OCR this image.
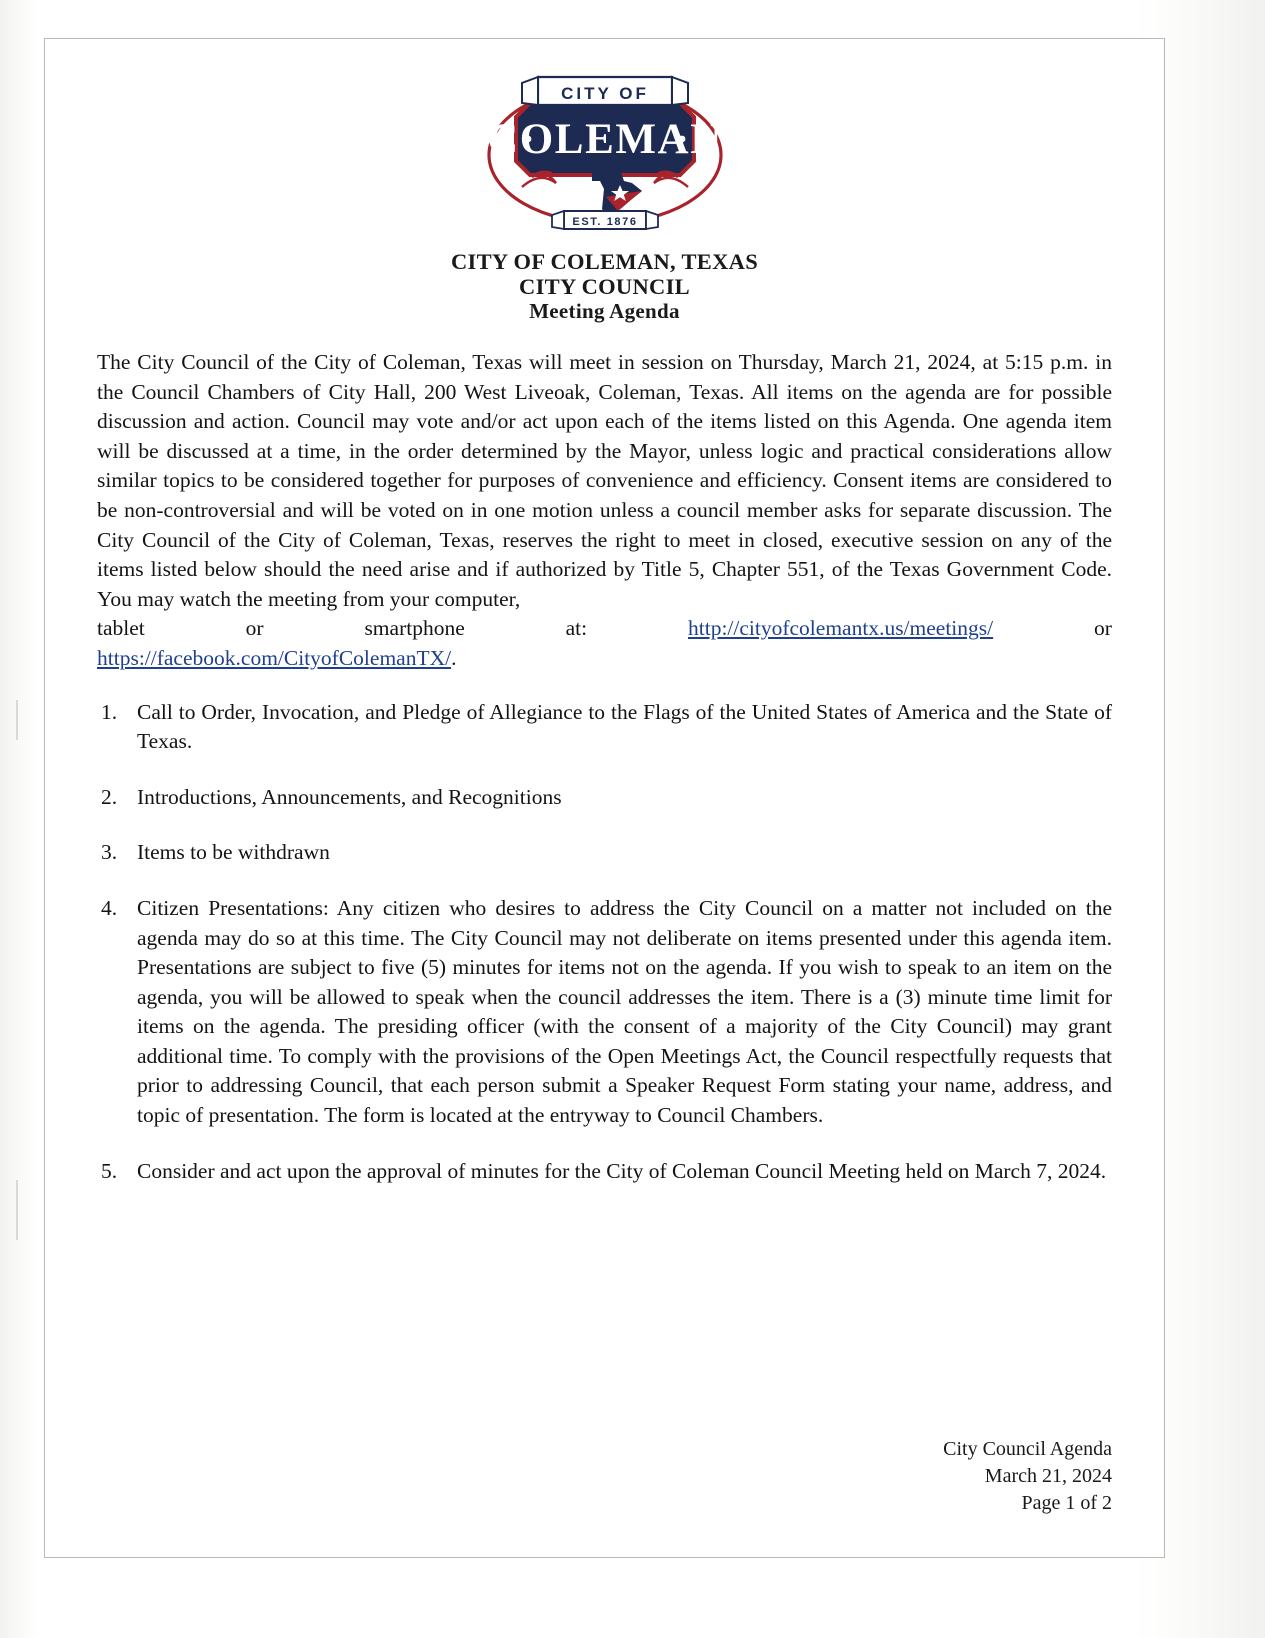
COLEMAN
CITY OF
EST. 1876
CITY OF COLEMAN, TEXAS
CITY COUNCIL
Meeting Agenda
The City Council of the City of Coleman, Texas will meet in session on Thursday, March 21, 2024, at 5:15 p.m. in the Council Chambers of City Hall, 200 West Liveoak, Coleman, Texas. All items on the agenda are for possible discussion and action. Council may vote and/or act upon each of the items listed on this Agenda. One agenda item will be discussed at a time, in the order determined by the Mayor, unless logic and practical considerations allow similar topics to be considered together for purposes of convenience and efficiency. Consent items are considered to be non-controversial and will be voted on in one motion unless a council member asks for separate discussion. The City Council of the City of Coleman, Texas, reserves the right to meet in closed, executive session on any of the items listed below should the need arise and if authorized by Title 5, Chapter 551, of the Texas Government Code. You may watch the meeting from your computer,
tablet	or	smartphone	at:	http://cityofcolemantx.us/meetings/	or
https://facebook.com/CityofColemanTX/.
1. Call to Order, Invocation, and Pledge of Allegiance to the Flags of the United States of America and the State of Texas.
2. Introductions, Announcements, and Recognitions
3. Items to be withdrawn
4. Citizen Presentations: Any citizen who desires to address the City Council on a matter not included on the agenda may do so at this time. The City Council may not deliberate on items presented under this agenda item. Presentations are subject to five (5) minutes for items not on the agenda. If you wish to speak to an item on the agenda, you will be allowed to speak when the council addresses the item. There is a (3) minute time limit for items on the agenda. The presiding officer (with the consent of a majority of the City Council) may grant additional time. To comply with the provisions of the Open Meetings Act, the Council respectfully requests that prior to addressing Council, that each person submit a Speaker Request Form stating your name, address, and topic of presentation. The form is located at the entryway to Council Chambers.
5. Consider and act upon the approval of minutes for the City of Coleman Council Meeting held on March 7, 2024.
City Council Agenda
March 21, 2024
Page 1 of 2
